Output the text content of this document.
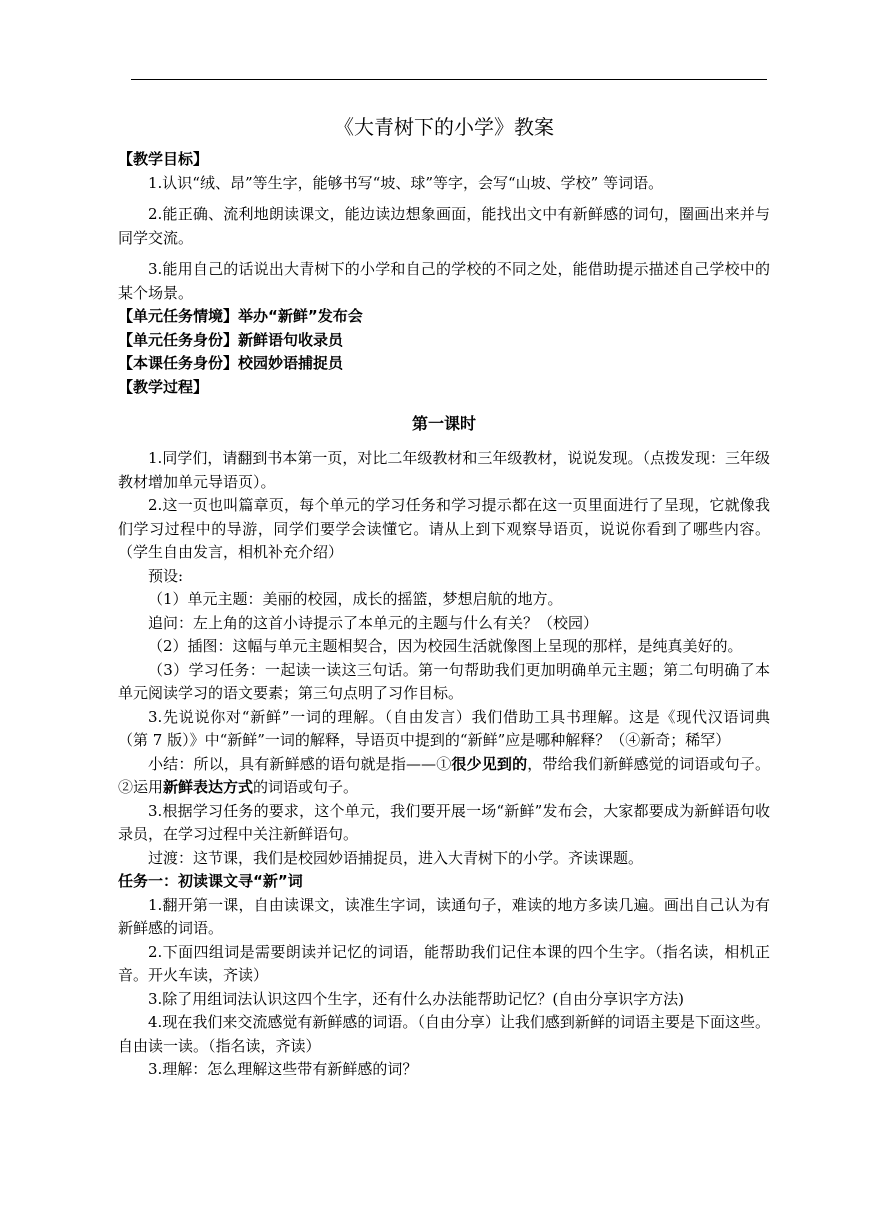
《大青树下的小学》教案

【教学目标】

1.认识“绒、昂”等生字，能够书写“坡、球”等字，会写“山坡、学校” 等词语。

2.能正确、流利地朗读课文，能边读边想象画面，能找出文中有新鲜感的词句，圈画出来并与同学交流。

3.能用自己的话说出大青树下的小学和自己的学校的不同之处，能借助提示描述自己学校中的某个场景。

【单元任务情境】举办“新鲜”发布会

【单元任务身份】新鲜语句收录员

【本课任务身份】校园妙语捕捉员

【教学过程】

第一课时

1.同学们，请翻到书本第一页，对比二年级教材和三年级教材，说说发现。（点拨发现：三年级教材增加单元导语页）。

2.这一页也叫篇章页，每个单元的学习任务和学习提示都在这一页里面进行了呈现，它就像我们学习过程中的导游，同学们要学会读懂它。请从上到下观察导语页，说说你看到了哪些内容。（学生自由发言，相机补充介绍）

预设:

（1）单元主题：美丽的校园，成长的摇篮，梦想启航的地方。

追问：左上角的这首小诗提示了本单元的主题与什么有关？（校园）

（2）插图：这幅与单元主题相契合，因为校园生活就像图上呈现的那样，是纯真美好的。

（3）学习任务：一起读一读这三句话。第一句帮助我们更加明确单元主题；第二句明确了本单元阅读学习的语文要素；第三句点明了习作目标。

3.先说说你对“新鲜”一词的理解。（自由发言）我们借助工具书理解。这是《现代汉语词典（第 7 版）》中“新鲜”一词的解释，导语页中提到的“新鲜”应是哪种解释？（④新奇；稀罕）

小结：所以，具有新鲜感的语句就是指——①很少见到的，带给我们新鲜感觉的词语或句子。②运用新鲜表达方式的词语或句子。

3.根据学习任务的要求，这个单元，我们要开展一场“新鲜”发布会，大家都要成为新鲜语句收录员，在学习过程中关注新鲜语句。

过渡：这节课，我们是校园妙语捕捉员，进入大青树下的小学。齐读课题。

任务一：初读课文寻“新”词

1.翻开第一课，自由读课文，读准生字词，读通句子，难读的地方多读几遍。画出自己认为有新鲜感的词语。

2.下面四组词是需要朗读并记忆的词语，能帮助我们记住本课的四个生字。（指名读，相机正音。开火车读，齐读）

3.除了用组词法认识这四个生字，还有什么办法能帮助记忆？(自由分享识字方法)

4.现在我们来交流感觉有新鲜感的词语。（自由分享）让我们感到新鲜的词语主要是下面这些。自由读一读。（指名读，齐读）

3.理解：怎么理解这些带有新鲜感的词？
